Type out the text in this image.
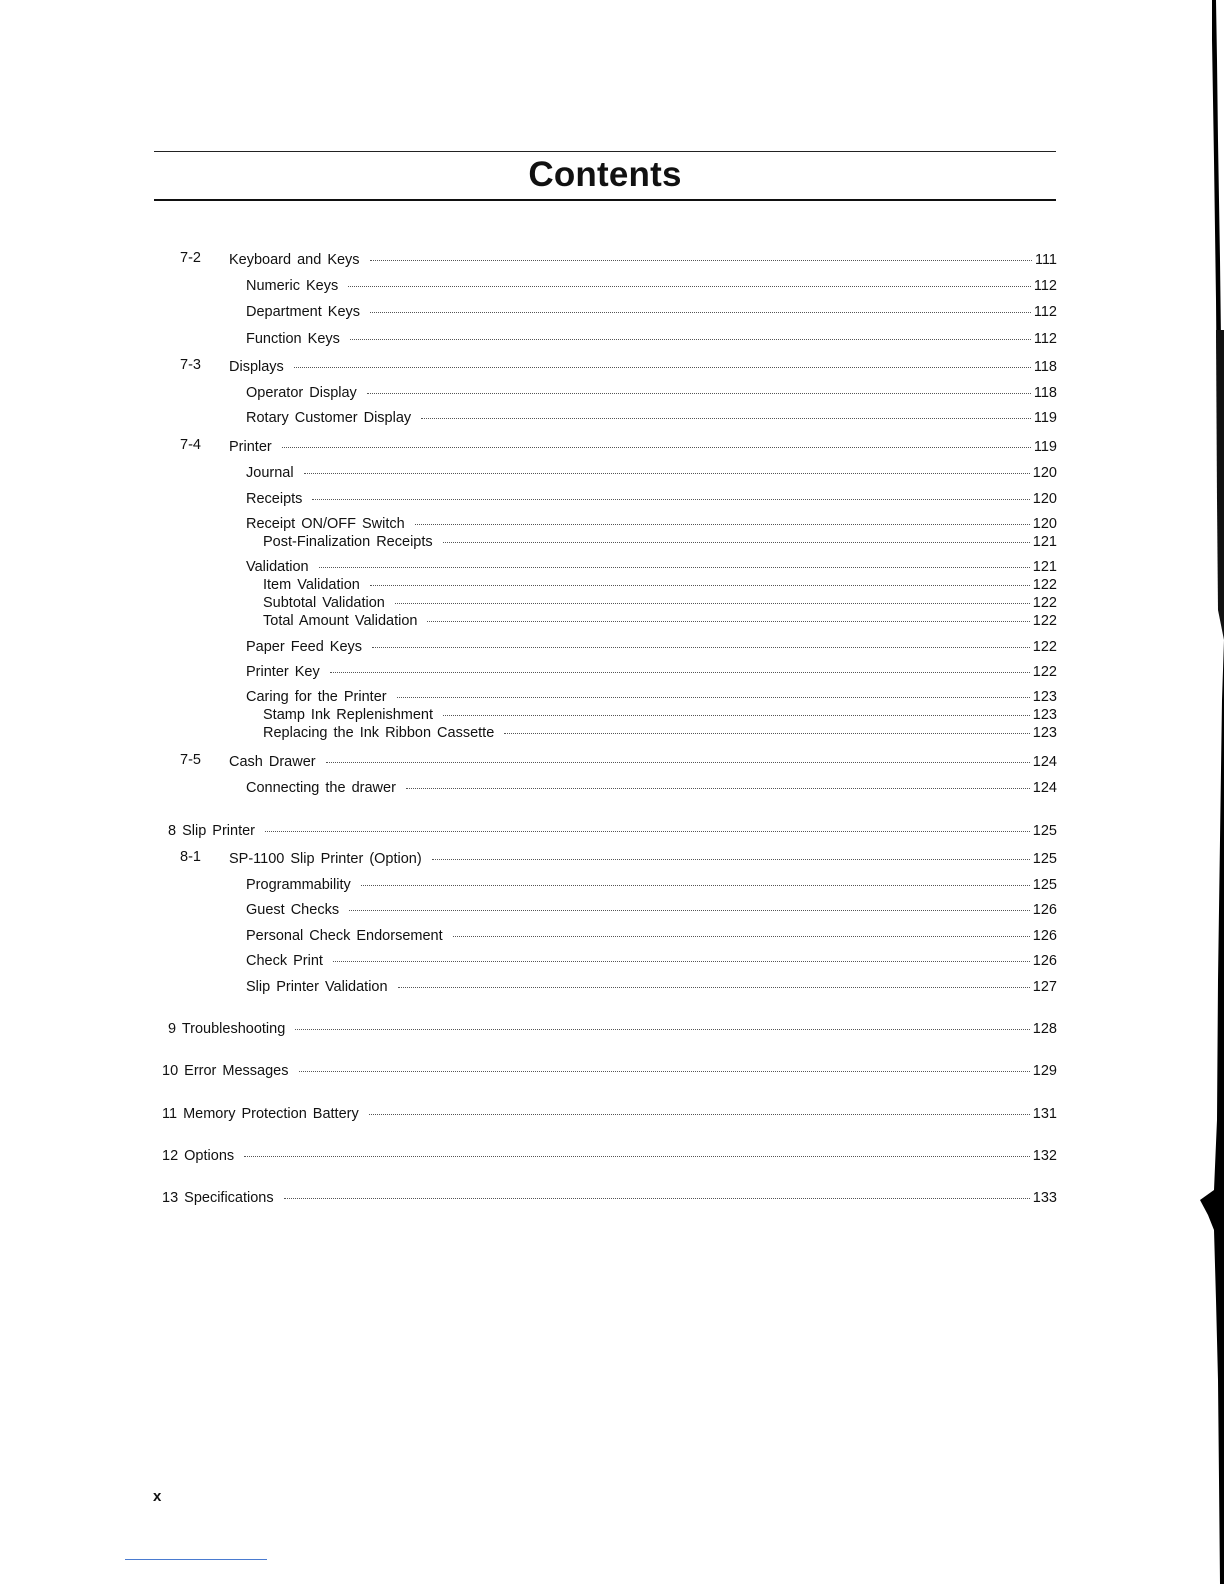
Contents
7-2 Keyboard and Keys	111
Numeric Keys	112
Department Keys	112
Function Keys	112
7-3 Displays	118
Operator Display	118
Rotary Customer Display	119
7-4 Printer	119
Journal	120
Receipts	120
Receipt ON/OFF Switch	120
Post-Finalization Receipts	121
Validation	121
Item Validation	122
Subtotal Validation	122
Total Amount Validation	122
Paper Feed Keys	122
Printer Key	122
Caring for the Printer	123
Stamp Ink Replenishment	123
Replacing the Ink Ribbon Cassette	123
7-5 Cash Drawer	124
Connecting the drawer	124
8 Slip Printer	125
8-1 SP-1100 Slip Printer (Option)	125
Programmability	125
Guest Checks	126
Personal Check Endorsement	126
Check Print	126
Slip Printer Validation	127
9 Troubleshooting	128
10 Error Messages	129
11 Memory Protection Battery	131
12 Options	132
13 Specifications	133
x
